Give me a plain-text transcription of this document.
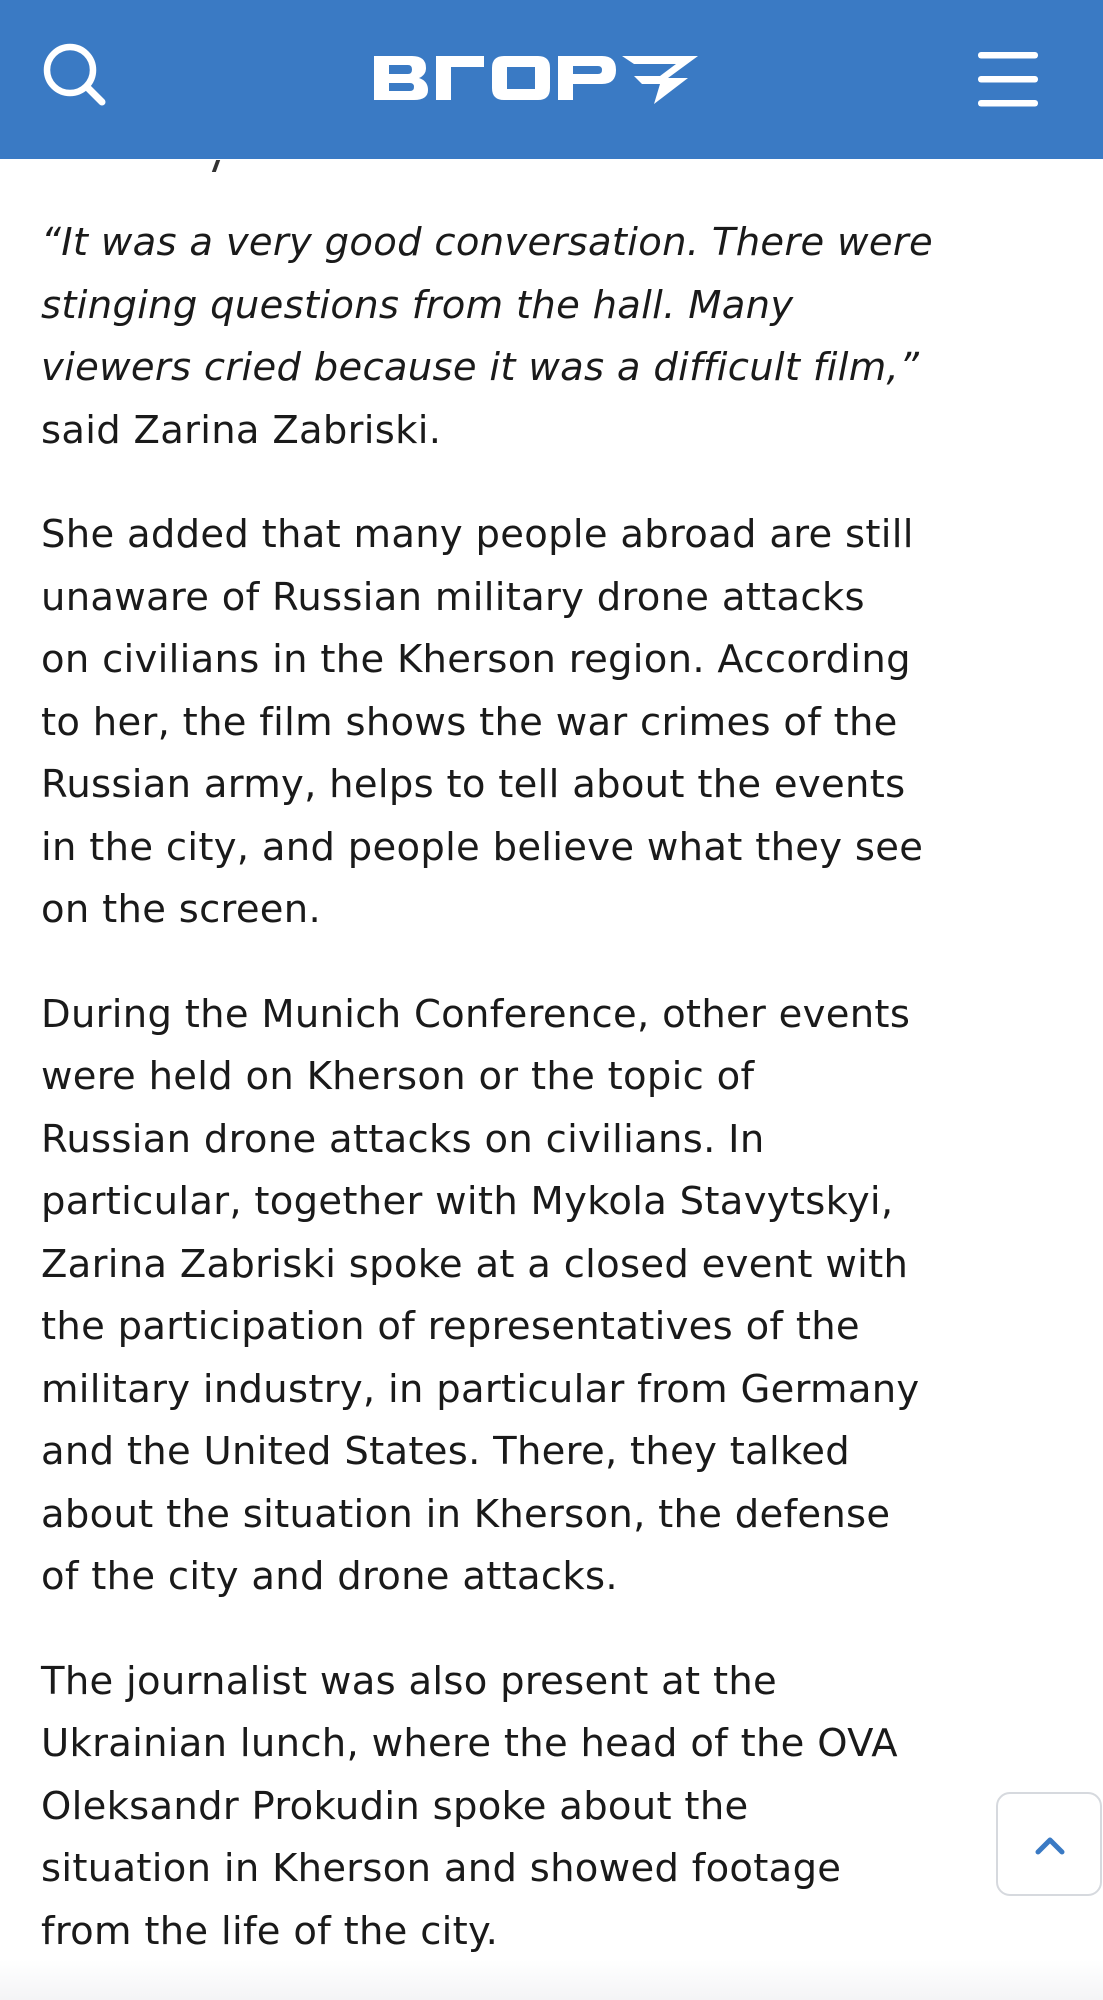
“It was a very good conversation. There were
stinging questions from the hall. Many
viewers cried because it was a difficult film,”
said Zarina Zabriski.

She added that many people abroad are still
unaware of Russian military drone attacks
on civilians in the Kherson region. According
to her, the film shows the war crimes of the
Russian army, helps to tell about the events
in the city, and people believe what they see
on the screen.

During the Munich Conference, other events
were held on Kherson or the topic of
Russian drone attacks on civilians. In
particular, together with Mykola Stavytskyi,
Zarina Zabriski spoke at a closed event with
the participation of representatives of the
military industry, in particular from Germany
and the United States. There, they talked
about the situation in Kherson, the defense
of the city and drone attacks.

The journalist was also present at the
Ukrainian lunch, where the head of the OVA
Oleksandr Prokudin spoke about the
situation in Kherson and showed footage
from the life of the city.
